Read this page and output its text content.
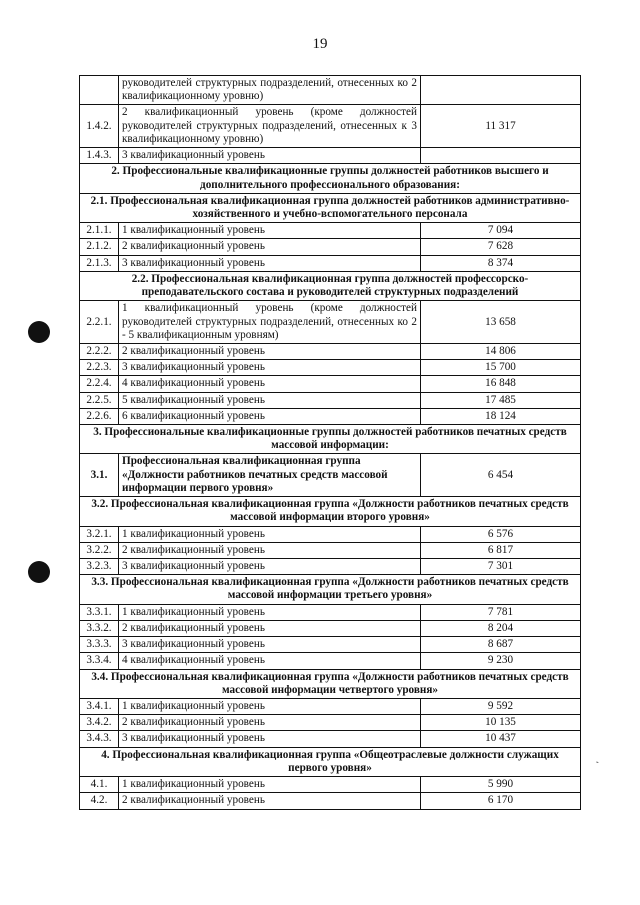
19
ˏ
	руководителей структурных подразделений, отнесенных ко 2 квалификационному уровню)	
1.4.2.	2 квалификационный уровень (кроме должностей руководителей структурных подразделений, отнесенных к 3 квалификационному уровню)	11 317
1.4.3.	3 квалификационный уровень	
2. Профессиональные квалификационные группы должностей работников высшего и дополнительного профессионального образования:		
2.1. Профессиональная квалификационная группа должностей работников административно-хозяйственного и учебно-вспомогательного персонала		
2.1.1.	1 квалификационный уровень	7 094
2.1.2.	2 квалификационный уровень	7 628
2.1.3.	3 квалификационный уровень	8 374
2.2. Профессиональная квалификационная группа должностей профессорско-преподавательского состава и руководителей структурных подразделений		
2.2.1.	1 квалификационный уровень (кроме должностей руководителей структурных подразделений, отнесенных ко 2 - 5 квалификационным уровням)	13 658
2.2.2.	2 квалификационный уровень	14 806
2.2.3.	3 квалификационный уровень	15 700
2.2.4.	4 квалификационный уровень	16 848
2.2.5.	5 квалификационный уровень	17 485
2.2.6.	6 квалификационный уровень	18 124
3. Профессиональные квалификационные группы должностей работников печатных средств массовой информации:		
3.1.	Профессиональная квалификационная группа «Должности работников печатных средств массовой информации первого уровня»	6 454
3.2. Профессиональная квалификационная группа «Должности работников печатных средств массовой информации второго уровня»		
3.2.1.	1 квалификационный уровень	6 576
3.2.2.	2 квалификационный уровень	6 817
3.2.3.	3 квалификационный уровень	7 301
3.3. Профессиональная квалификационная группа «Должности работников печатных средств массовой информации третьего уровня»		
3.3.1.	1 квалификационный уровень	7 781
3.3.2.	2 квалификационный уровень	8 204
3.3.3.	3 квалификационный уровень	8 687
3.3.4.	4 квалификационный уровень	9 230
3.4. Профессиональная квалификационная группа «Должности работников печатных средств массовой информации четвертого уровня»		
3.4.1.	1 квалификационный уровень	9 592
3.4.2.	2 квалификационный уровень	10 135
3.4.3.	3 квалификационный уровень	10 437
4. Профессиональная квалификационная группа «Общеотраслевые должности служащих первого уровня»		
4.1.	1 квалификационный уровень	5 990
4.2.	2 квалификационный уровень	6 170
